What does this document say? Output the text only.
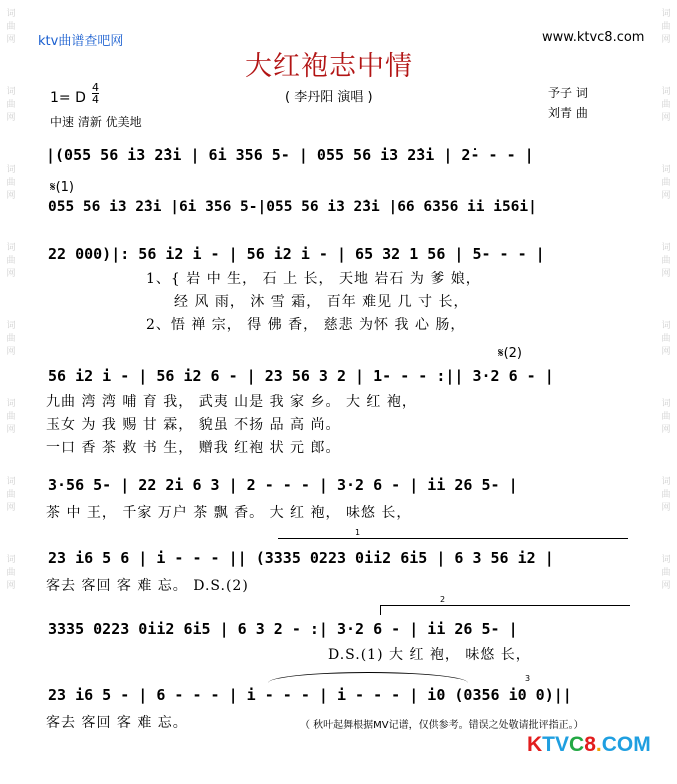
词曲网

词曲网

词曲网

词曲网

词曲网

词曲网

词曲网

词曲网
词曲网

词曲网

词曲网

词曲网

词曲网

词曲网

词曲网

词曲网
ktv曲谱查吧网	www.ktvc8.com
大红袍志中情
( 李丹阳 演唱 )
1= D
4
4
中速 清新 优美地
予子 词
刘青 曲
|(055 56 i3 2̇3i | 6i 356 5- | 055 56 i3 2̇3i | 2̇- - - |
𝄋(1)
055 56 i3 2̇3i |6i 356 5-|055 56 i3 2̇3i |66 6356 ii i56i|
22 000)|: 56 i2 i - | 56 i2 i - | 65 32 1 56 | 5- - - |
1、{ 岩 中 生， 石 上 长， 天地 岩石 为 爹 娘，
经 风 雨， 沐 雪 霜， 百年 难见 几 寸 长，
2、悟 禅 宗， 得 佛 香， 慈悲 为怀 我 心 肠，
𝄋(2)
56 i2 i - | 56 i2 6 - | 23 56 3 2 | 1- - - :|| 3·2 6 - |
九曲 湾 湾 哺 育 我， 武夷 山是 我 家 乡。 大 红 袍，
玉女 为 我 赐 甘 霖， 貌虽 不扬 品 高 尚。
一口 香 茶 救 书 生， 赠我 红袍 状 元 郎。
3·56 5- | 22 2i 6 3 | 2 - - - | 3·2 6 - | ii 26 5- |
茶 中 王， 千家 万户 茶 飘 香。 大 红 袍， 味悠 长，
1
23 i6 5 6 | i - - - || (3335 0223 0ii2 6i5 | 6 3 56 i2 |
客去 客回 客 难 忘。 D.S.(2)
2
3335 0223 0ii2 6i5 | 6 3 2 - :| 3·2 6 - | ii 26 5- |
D.S.(1) 大 红 袍， 味悠 长，
3
23 i6 5 - | 6 - - - | i - - - | i - - - | i0 (0356 i0 0)||
客去 客回 客 难 忘。	（ 秋叶起舞根据MV记谱，仅供参考。错误之处敬请批评指正。）
KTVC8.COM
